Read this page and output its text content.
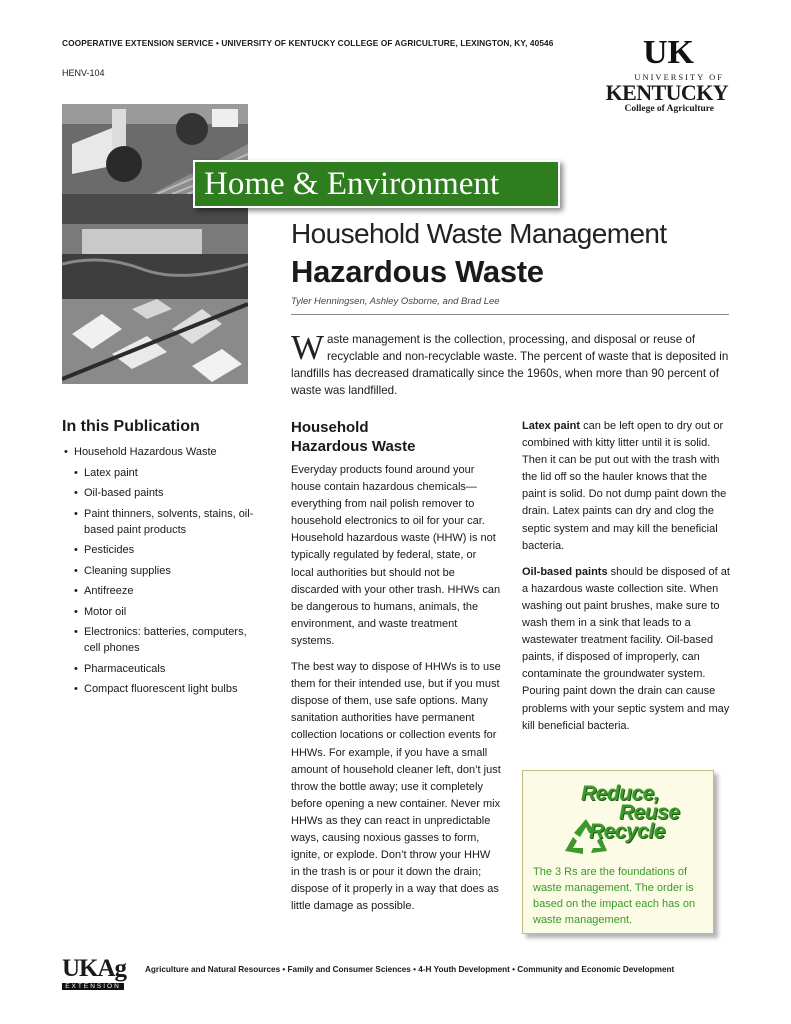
COOPERATIVE EXTENSION SERVICE • UNIVERSITY OF KENTUCKY COLLEGE OF AGRICULTURE, LEXINGTON, KY, 40546
HENV-104
UK
UNIVERSITY OF
KENTUCKY
College of Agriculture
Home & Environment
Household Waste Management
Hazardous Waste
Tyler Henningsen, Ashley Osborne, and Brad Lee
Waste management is the collection, processing, and disposal or reuse of recyclable and non-recyclable waste. The percent of waste that is deposited in landfills has decreased dramatically since the 1960s, when more than 90 percent of waste was landfilled.
In this Publication
• Household Hazardous Waste
• Latex paint
• Oil-based paints
• Paint thinners, solvents, stains, oil-based paint products
• Pesticides
• Cleaning supplies
• Antifreeze
• Motor oil
• Electronics: batteries, computers, cell phones
• Pharmaceuticals
• Compact fluorescent light bulbs
Household
Hazardous Waste

Everyday products found around your house contain hazardous chemicals—everything from nail polish remover to household electronics to oil for your car. Household hazardous waste (HHW) is not typically regulated by federal, state, or local authorities but should not be discarded with your other trash. HHWs can be dangerous to humans, animals, the environment, and waste treatment systems.

The best way to dispose of HHWs is to use them for their intended use, but if you must dispose of them, use safe options. Many sanitation authorities have permanent collection locations or collection events for HHWs. For example, if you have a small amount of household cleaner left, don’t just throw the bottle away; use it completely before opening a new container. Never mix HHWs as they can react in unpredictable ways, causing noxious gasses to form, ignite, or explode. Don’t throw your HHW in the trash is or pour it down the drain; dispose of it properly in a way that does as little damage as possible.

Latex paint can be left open to dry out or combined with kitty litter until it is solid. Then it can be put out with the trash with the lid off so the hauler knows that the paint is solid. Do not dump paint down the drain. Latex paints can dry and clog the septic system and may kill the beneficial bacteria.

Oil-based paints should be disposed of at a hazardous waste collection site. When washing out paint brushes, make sure to wash them in a sink that leads to a wastewater treatment facility. Oil-based paints, if disposed of improperly, can contaminate the groundwater system. Pouring paint down the drain can cause problems with your septic system and may kill beneficial bacteria.

Reduce,
Reuse
Recycle
The 3 Rs are the foundations of waste management. The order is based on the impact each has on waste management.
UKAg
EXTENSION
Agriculture and Natural Resources • Family and Consumer Sciences • 4-H Youth Development • Community and Economic Development
